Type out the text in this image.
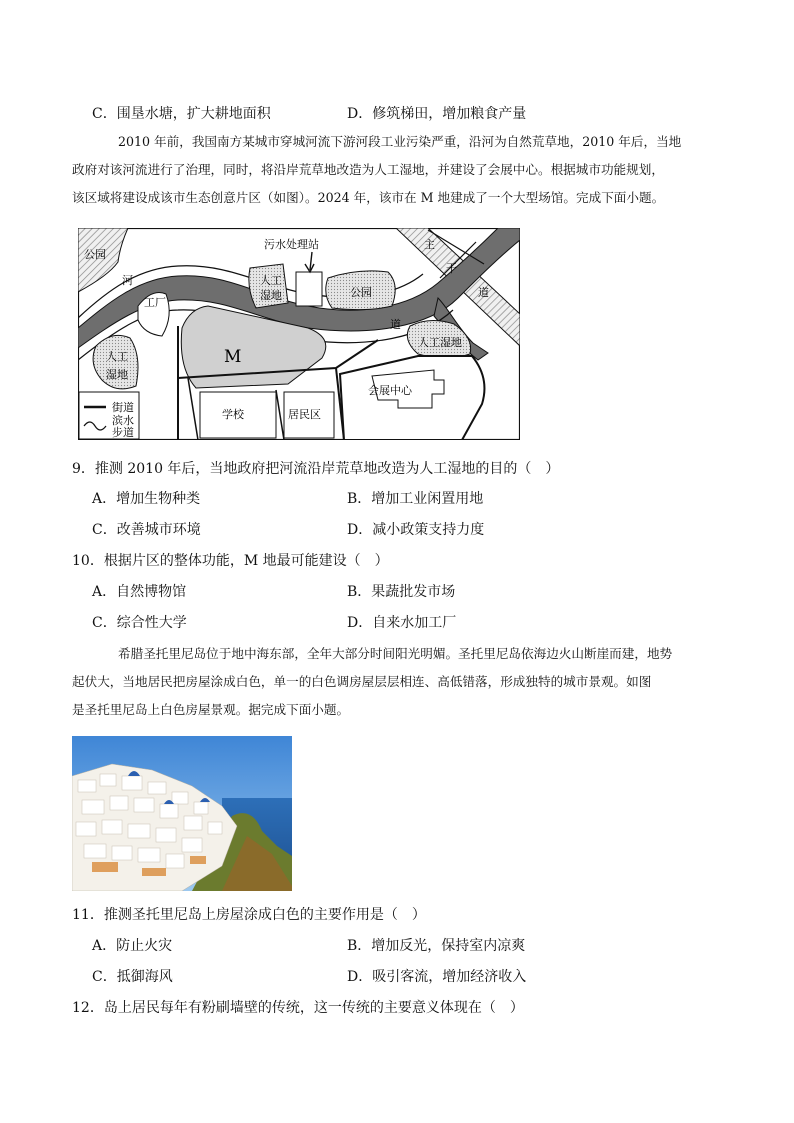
C．围垦水塘，扩大耕地面积	D．修筑梯田，增加粮食产量
2010 年前，我国南方某城市穿城河流下游河段工业污染严重，沿河为自然荒草地，2010 年后，当地
政府对该河流进行了治理，同时，将沿岸荒草地改造为人工湿地，并建设了会展中心。根据城市功能规划，
该区域将建设成该市生态创意片区（如图）。2024 年，该市在 M 地建成了一个大型场馆。完成下面小题。
公园
河
污水处理站
人工
湿地	公园
工厂
人工
湿地
M
主
干
道
道
人工湿地
会展中心
学校	居民区
街道
滨水
步道
9．推测 2010 年后，当地政府把河流沿岸荒草地改造为人工湿地的目的（　）
A．增加生物种类	B．增加工业闲置用地
C．改善城市环境	D．减小政策支持力度
10．根据片区的整体功能，M 地最可能建设（　）
A．自然博物馆	B．果蔬批发市场
C．综合性大学	D．自来水加工厂
希腊圣托里尼岛位于地中海东部，全年大部分时间阳光明媚。圣托里尼岛依海边火山断崖而建，地势
起伏大，当地居民把房屋涂成白色，单一的白色调房屋层层相连、高低错落，形成独特的城市景观。如图
是圣托里尼岛上白色房屋景观。据完成下面小题。
11．推测圣托里尼岛上房屋涂成白色的主要作用是（　）
A．防止火灾	B．增加反光，保持室内凉爽
C．抵御海风	D．吸引客流，增加经济收入
12．岛上居民每年有粉刷墙壁的传统，这一传统的主要意义体现在（　）
